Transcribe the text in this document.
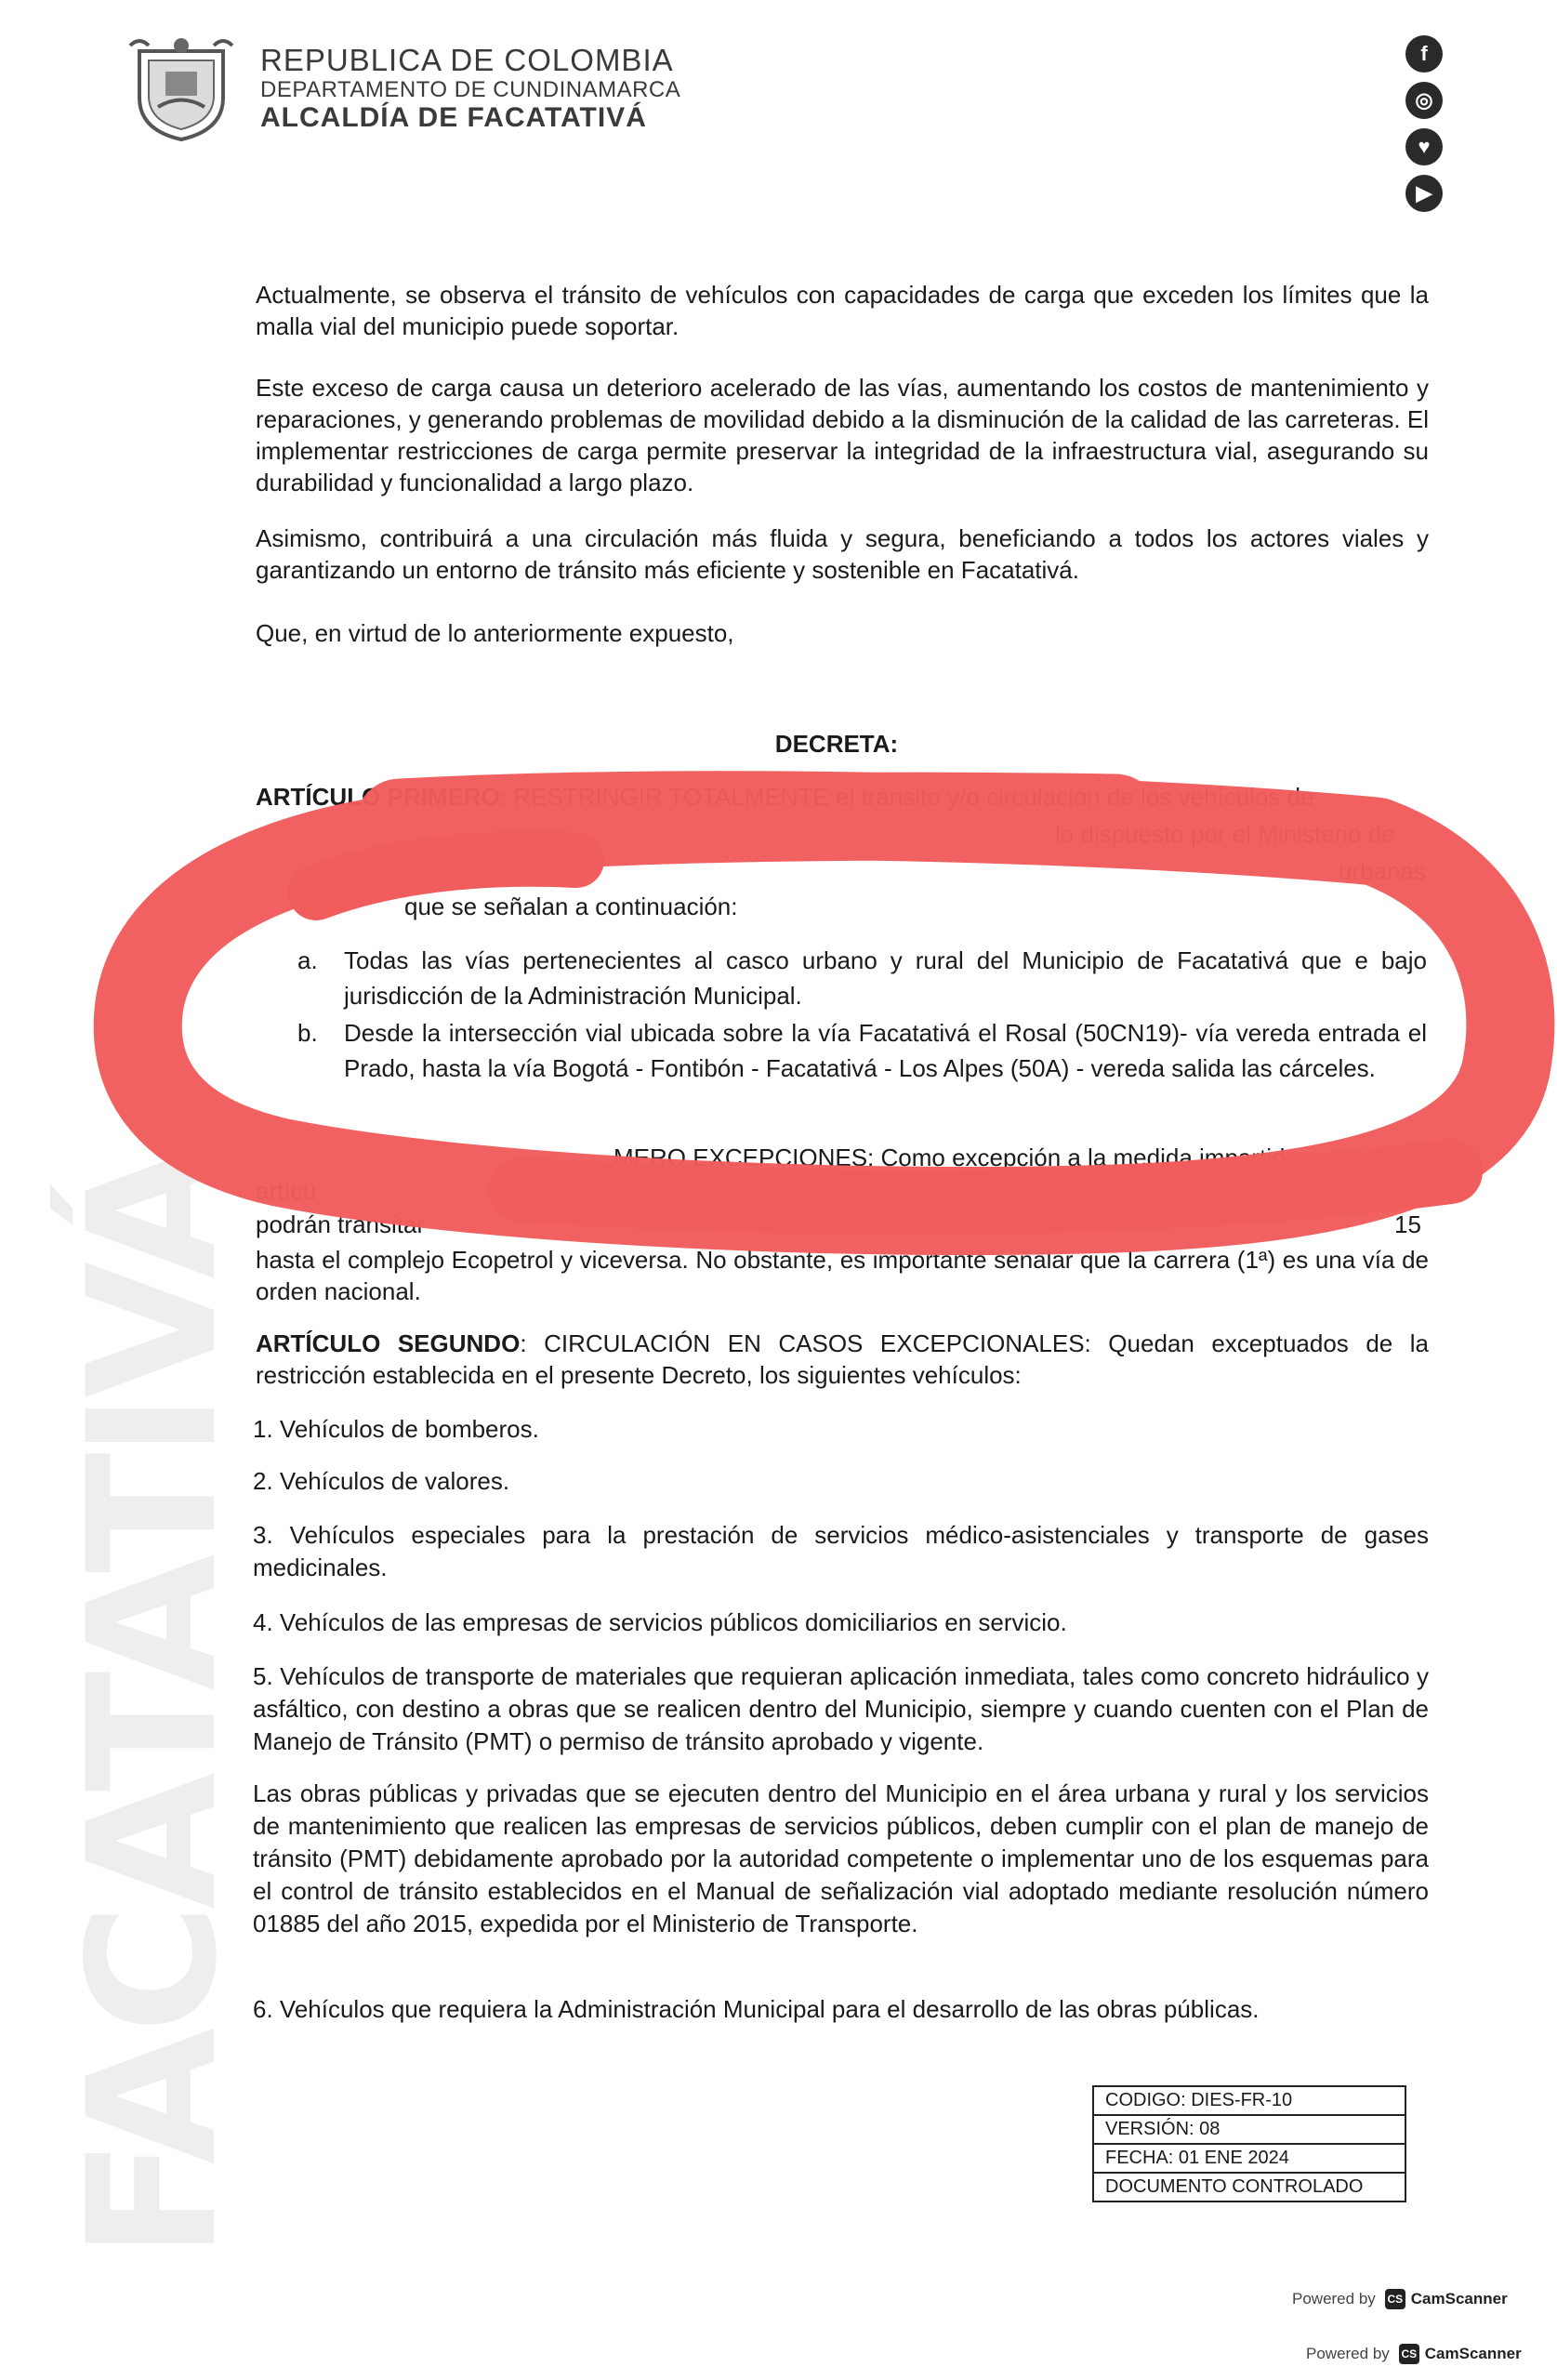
FACATATIVÁ
REPUBLICA DE COLOMBIA
DEPARTAMENTO DE CUNDINAMARCA
ALCALDÍA DE FACATATIVÁ
f
◎
♥
▶
Actualmente, se observa el tránsito de vehículos con capacidades de carga que exceden los límites que la malla vial del municipio puede soportar.
Este exceso de carga causa un deterioro acelerado de las vías, aumentando los costos de mantenimiento y reparaciones, y generando problemas de movilidad debido a la disminución de la calidad de las carreteras. El implementar restricciones de carga permite preservar la integridad de la infraestructura vial, asegurando su durabilidad y funcionalidad a largo plazo.
Asimismo, contribuirá a una circulación más fluida y segura, beneficiando a todos los actores viales y garantizando un entorno de tránsito más eficiente y sostenible en Facatativá.
Que, en virtud de lo anteriormente expuesto,
DECRETA:
ARTÍCULO PRIMERO: RESTRINGIR TOTALMENTE el tránsito y/o circulación de los vehículos de
lo dispuesto por el Ministerio de
urbanas
que se señalan a continuación:
a. Todas las vías pertenecientes al casco urbano y rural del Municipio de Facatativá que e bajo jurisdicción de la Administración Municipal.
b. Desde la intersección vial ubicada sobre la vía Facatativá el Rosal (50CN19)- vía vereda entrada el Prado, hasta la vía Bogotá - Fontibón - Facatativá - Los Alpes (50A) - vereda salida las cárceles.
MERO EXCEPCIONES: Como excepción a la medida impartida por el p
artícu
podrán transitar	15
hasta el complejo Ecopetrol y viceversa. No obstante, es importante señalar que la carrera (1ª) es una vía de orden nacional.
ARTÍCULO SEGUNDO: CIRCULACIÓN EN CASOS EXCEPCIONALES: Quedan exceptuados de la restricción establecida en el presente Decreto, los siguientes vehículos:
1. Vehículos de bomberos.
2. Vehículos de valores.
3. Vehículos especiales para la prestación de servicios médico-asistenciales y transporte de gases medicinales.
4. Vehículos de las empresas de servicios públicos domiciliarios en servicio.
5. Vehículos de transporte de materiales que requieran aplicación inmediata, tales como concreto hidráulico y asfáltico, con destino a obras que se realicen dentro del Municipio, siempre y cuando cuenten con el Plan de Manejo de Tránsito (PMT) o permiso de tránsito aprobado y vigente.
Las obras públicas y privadas que se ejecuten dentro del Municipio en el área urbana y rural y los servicios de mantenimiento que realicen las empresas de servicios públicos, deben cumplir con el plan de manejo de tránsito (PMT) debidamente aprobado por la autoridad competente o implementar uno de los esquemas para el control de tránsito establecidos en el Manual de señalización vial adoptado mediante resolución número 01885 del año 2015, expedida por el Ministerio de Transporte.
6. Vehículos que requiera la Administración Municipal para el desarrollo de las obras públicas.
CODIGO: DIES-FR-10
VERSIÓN: 08
FECHA: 01 ENE 2024
DOCUMENTO CONTROLADO
Powered by CS CamScanner
Powered by CS CamScanner
